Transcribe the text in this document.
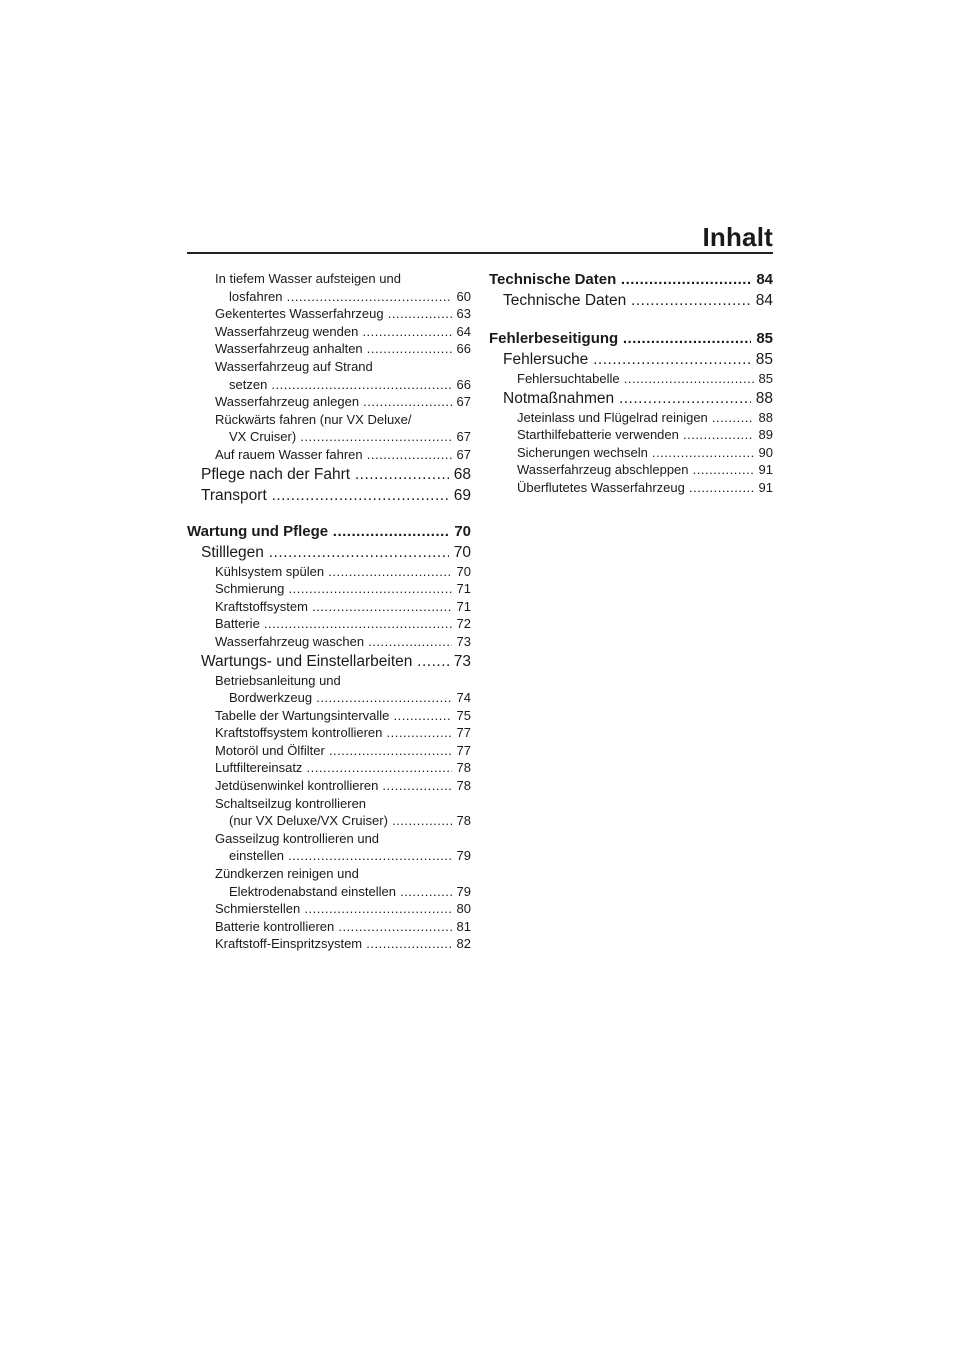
Inhalt
In tiefem Wasser aufsteigen und
losfahren .....	60
Gekentertes Wasserfahrzeug .....	63
Wasserfahrzeug wenden .....	64
Wasserfahrzeug anhalten .....	66
Wasserfahrzeug auf Strand
setzen .....	66
Wasserfahrzeug anlegen .....	67
Rückwärts fahren (nur VX Deluxe/
VX Cruiser) .....	67
Auf rauem Wasser fahren .....	67
Pflege nach der Fahrt .....	68
Transport .....	69
Wartung und Pflege .....	70
Stilllegen .....	70
Kühlsystem spülen .....	70
Schmierung .....	71
Kraftstoffsystem .....	71
Batterie .....	72
Wasserfahrzeug waschen .....	73
Wartungs- und Einstellarbeiten .....	73
Betriebsanleitung und
Bordwerkzeug .....	74
Tabelle der Wartungsintervalle .....	75
Kraftstoffsystem kontrollieren .....	77
Motoröl und Ölfilter .....	77
Luftfiltereinsatz .....	78
Jetdüsenwinkel kontrollieren .....	78
Schaltseilzug kontrollieren
(nur VX Deluxe/VX Cruiser) .....	78
Gasseilzug kontrollieren und
einstellen .....	79
Zündkerzen reinigen und
Elektrodenabstand einstellen .....	79
Schmierstellen .....	80
Batterie kontrollieren .....	81
Kraftstoff-Einspritzsystem .....	82
Technische Daten .....	84
Technische Daten .....	84
Fehlerbeseitigung .....	85
Fehlersuche .....	85
Fehlersuchtabelle .....	85
Notmaßnahmen .....	88
Jeteinlass und Flügelrad reinigen .....	88
Starthilfebatterie verwenden .....	89
Sicherungen wechseln .....	90
Wasserfahrzeug abschleppen .....	91
Überflutetes Wasserfahrzeug .....	91
